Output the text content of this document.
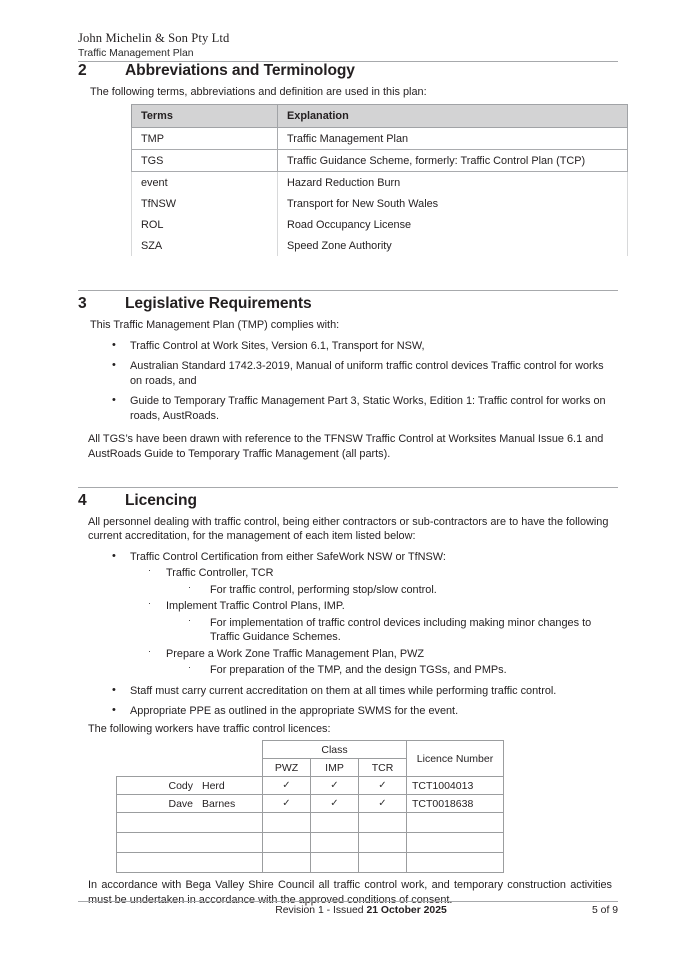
John Michelin & Son Pty Ltd
Traffic Management Plan
2	Abbreviations and Terminology

The following terms, abbreviations and definition are used in this plan:

Terms	Explanation
TMP	Traffic Management Plan
TGS	Traffic Guidance Scheme, formerly: Traffic Control Plan (TCP)
event	Hazard Reduction Burn
TfNSW	Transport for New South Wales
ROL	Road Occupancy License
SZA	Speed Zone Authority
3	Legislative Requirements

This Traffic Management Plan (TMP) complies with:

• Traffic Control at Work Sites, Version 6.1, Transport for NSW,
• Australian Standard 1742.3-2019, Manual of uniform traffic control devices Traffic control for works on roads, and
• Guide to Temporary Traffic Management Part 3, Static Works, Edition 1: Traffic control for works on roads, AustRoads.

All TGS’s have been drawn with reference to the TFNSW Traffic Control at Worksites Manual Issue 6.1 and AustRoads Guide to Temporary Traffic Management (all parts).

4	Licencing

All personnel dealing with traffic control, being either contractors or sub-contractors are to have the following current accreditation, for the management of each item listed below:

• Traffic Control Certification from either SafeWork NSW or TfNSW:
· Traffic Controller, TCR
· For traffic control, performing stop/slow control.
· Implement Traffic Control Plans, IMP.
· For implementation of traffic control devices including making minor changes to Traffic Guidance Schemes.
· Prepare a Work Zone Traffic Management Plan, PWZ
· For preparation of the TMP, and the design TGSs, and PMPs.
• Staff must carry current accreditation on them at all times while performing traffic control.
• Appropriate PPE as outlined in the appropriate SWMS for the event.

The following workers have traffic control licences:

	Class			Licence Number
	PWZ	IMP	TCR	
Cody Herd	✓	✓	✓	TCT1004013
Dave Barnes	✓	✓	✓	TCT0018638

In accordance with Bega Valley Shire Council all traffic control work, and temporary construction activities must be undertaken in accordance with the approved conditions of consent.

Revision 1 - Issued 21 October 2025	5 of 9
